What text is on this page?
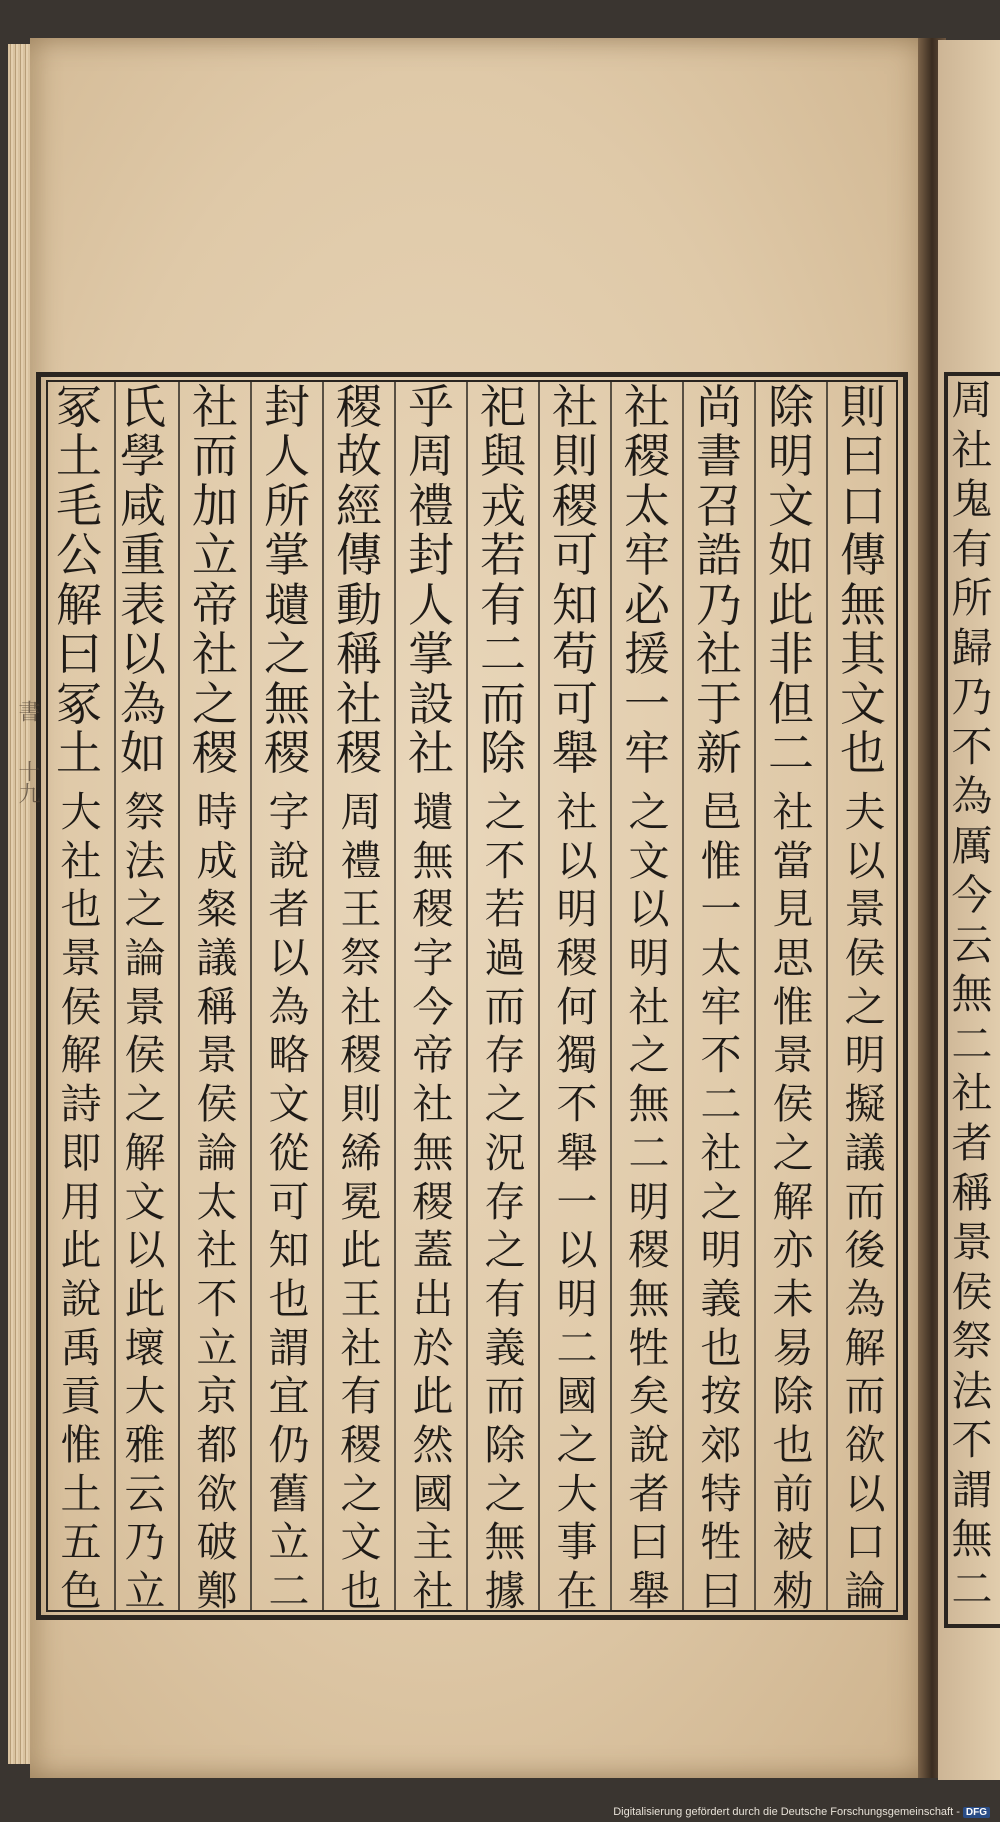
周
社
鬼
有
所
歸
乃
不
為
厲
今
云
無
二
社
者
稱
景
侯
祭
法
不
謂
無
二
書
十九
則
曰
口
傳
無
其
文
也
除
明
文
如
此
非
但
二
尚
書
召
誥
乃
社
于
新
社
稷
太
牢
必
援
一
牢
社
則
稷
可
知
苟
可
舉
祀
與
戎
若
有
二
而
除
乎
周
禮
封
人
掌
設
社
稷
故
經
傳
動
稱
社
稷
封
人
所
掌
壝
之
無
稷
社
而
加
立
帝
社
之
稷
氏
學
咸
重
表
以
為
如
冢
土
毛
公
解
曰
冢
土
夫
以
景
侯
之
明
擬
議
而
後
為
解
而
欲
以
口
論
社
當
見
思
惟
景
侯
之
解
亦
未
易
除
也
前
被
勑
邑
惟
一
太
牢
不
二
社
之
明
義
也
按
郊
特
牲
曰
之
文
以
明
社
之
無
二
明
稷
無
牲
矣
說
者
曰
舉
社
以
明
稷
何
獨
不
舉
一
以
明
二
國
之
大
事
在
之
不
若
過
而
存
之
況
存
之
有
義
而
除
之
無
據
壝
無
稷
字
今
帝
社
無
稷
蓋
出
於
此
然
國
主
社
周
禮
王
祭
社
稷
則
絺
冕
此
王
社
有
稷
之
文
也
字
說
者
以
為
略
文
從
可
知
也
謂
宜
仍
舊
立
二
時
成
粲
議
稱
景
侯
論
太
社
不
立
京
都
欲
破
鄭
祭
法
之
論
景
侯
之
解
文
以
此
壞
大
雅
云
乃
立
大
社
也
景
侯
解
詩
即
用
此
說
禹
貢
惟
土
五
色
Digitalisierung gefördert durch die Deutsche Forschungsgemeinschaft - DFG
